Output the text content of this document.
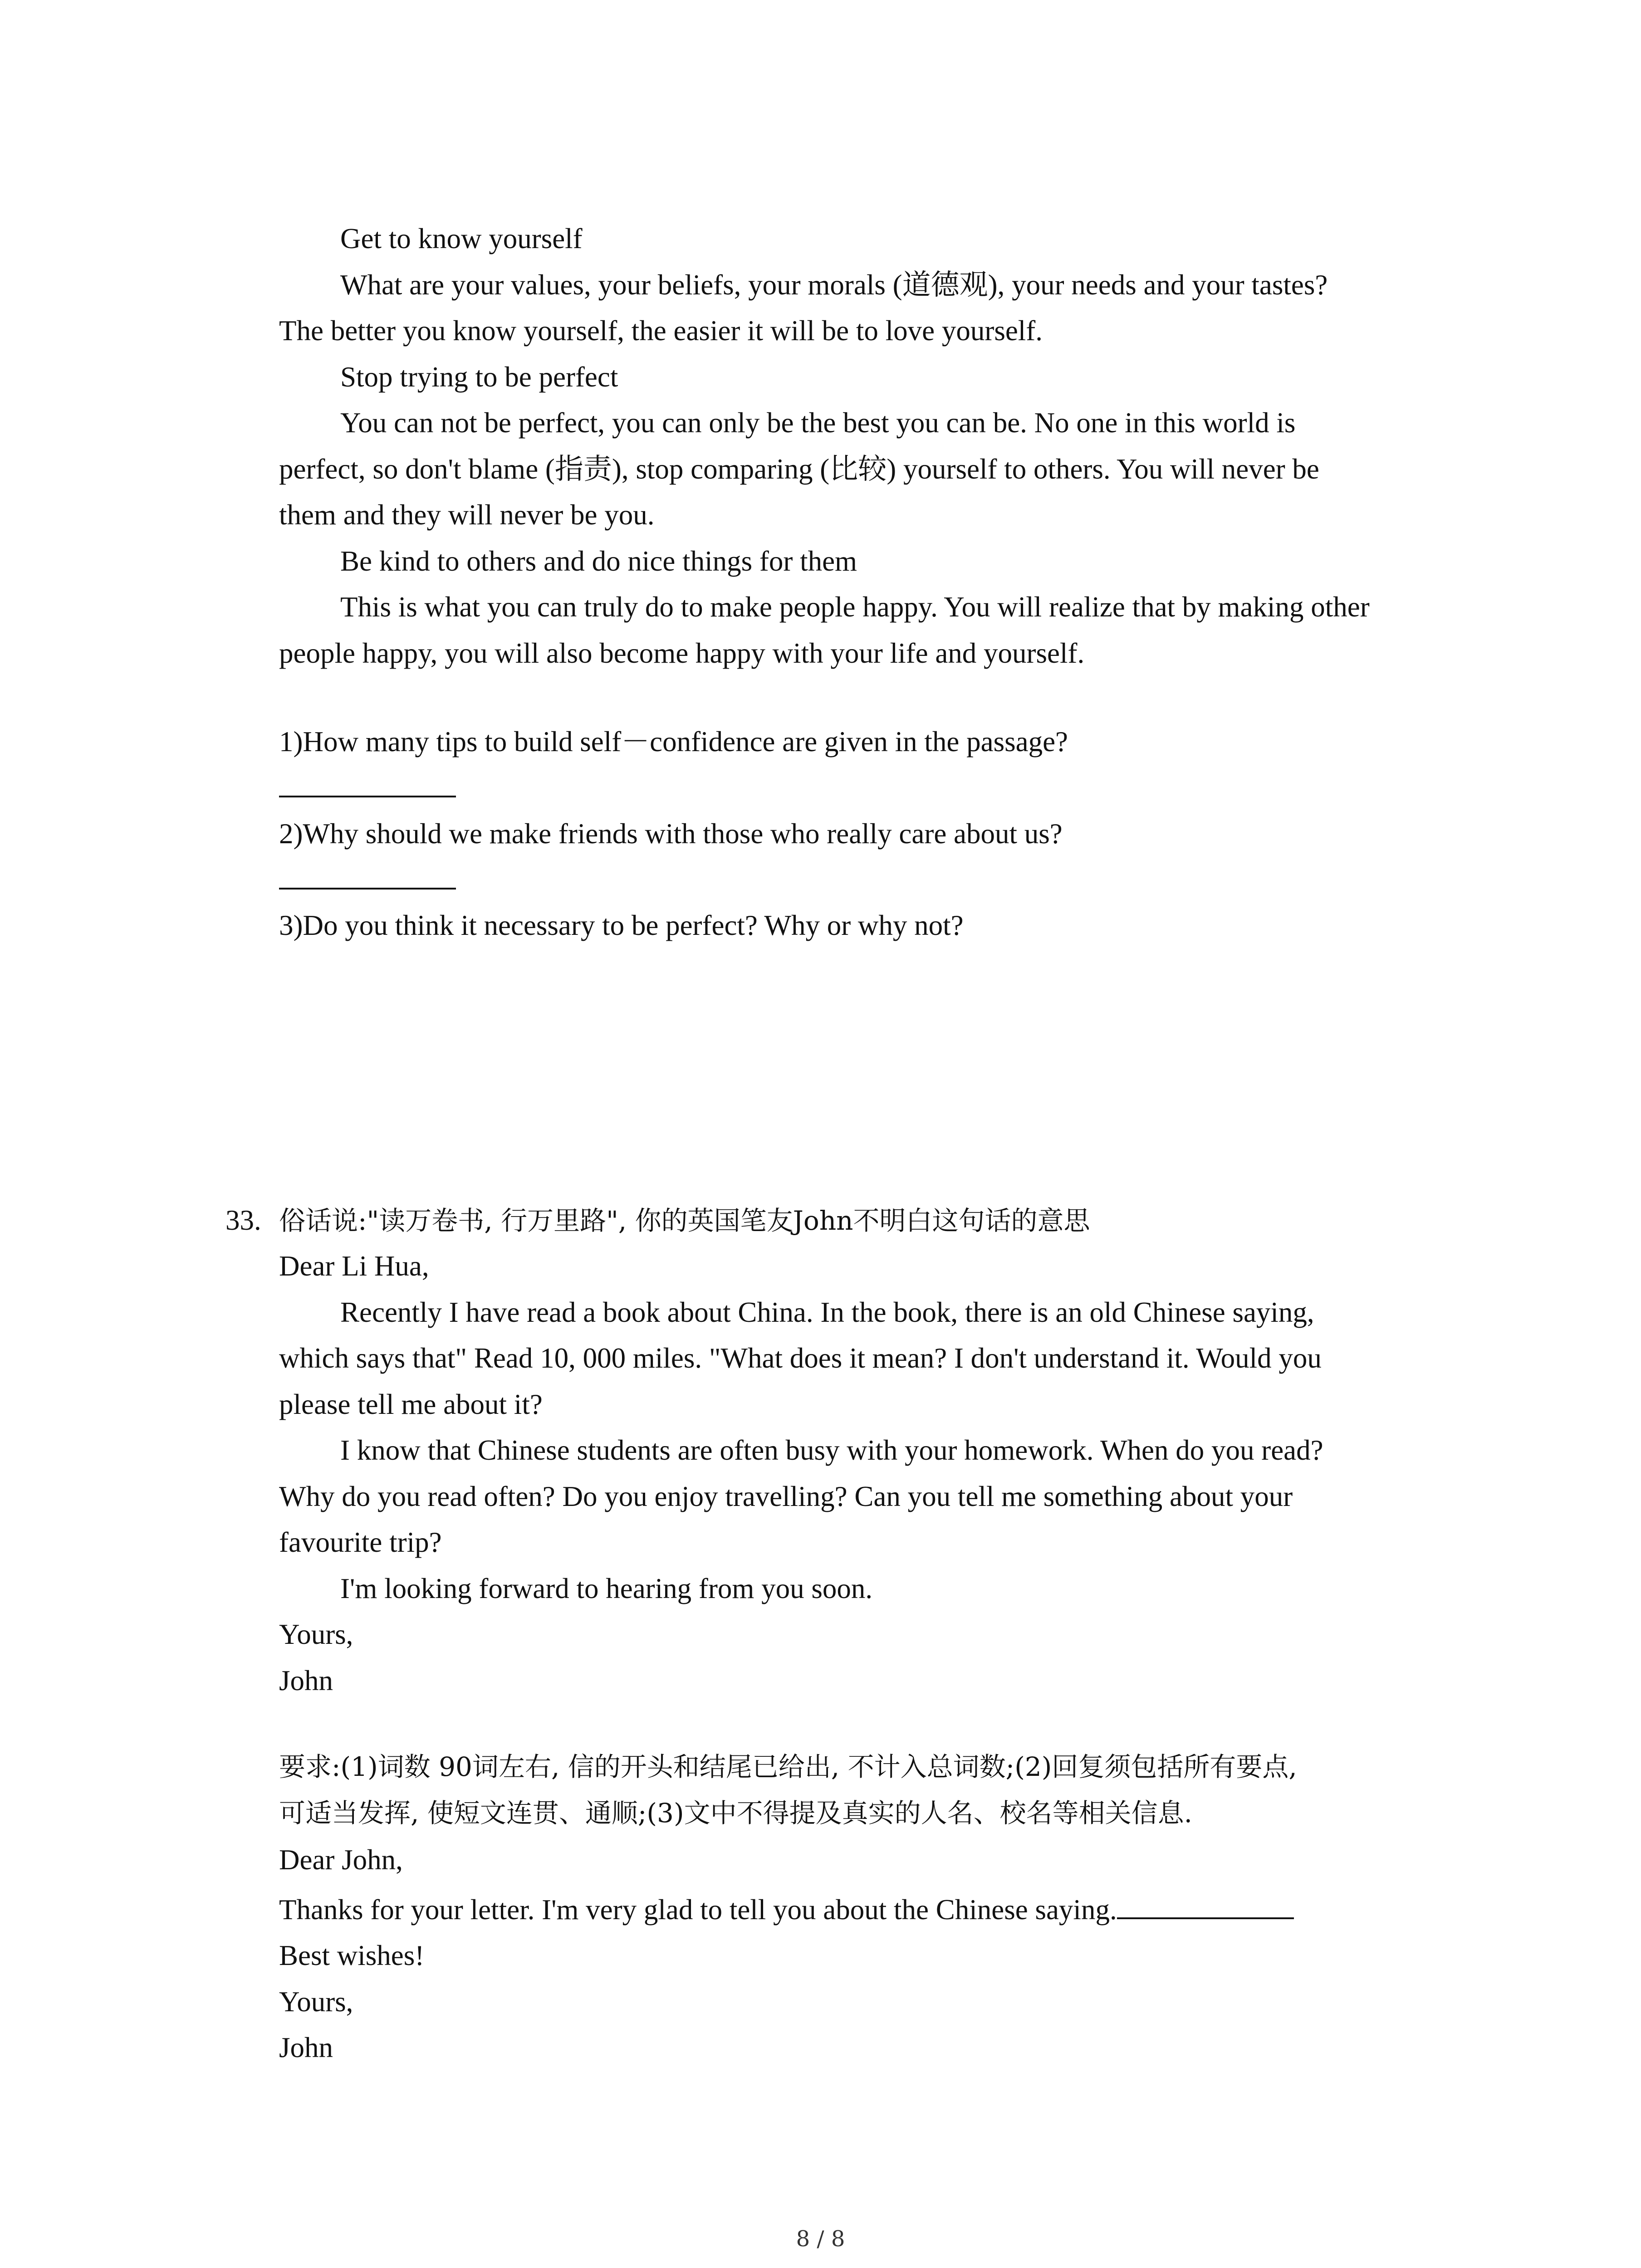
Get to know yourself
What are your values, your beliefs, your morals (道德观), your needs and your tastes?
The better you know yourself, the easier it will be to love yourself.
Stop trying to be perfect
You can not be perfect, you can only be the best you can be. No one in this world is
perfect, so don't blame (指责), stop comparing (比较) yourself to others. You will never be
them and they will never be you.
Be kind to others and do nice things for them
This is what you can truly do to make people happy. You will realize that by making other
people happy, you will also become happy with your life and yourself.
1)How many tips to build self－confidence are given in the passage?
2)Why should we make friends with those who really care about us?
3)Do you think it necessary to be perfect? Why or why not?
33. 俗话说:"读万卷书, 行万里路", 你的英国笔友John不明白这句话的意思
Dear Li Hua,
Recently I have read a book about China. In the book, there is an old Chinese saying,
which says that" Read 10, 000 miles. "What does it mean? I don't understand it. Would you
please tell me about it?
I know that Chinese students are often busy with your homework. When do you read?
Why do you read often? Do you enjoy travelling? Can you tell me something about your
favourite trip?
I'm looking forward to hearing from you soon.
Yours,
John
要求:(1)词数 90词左右, 信的开头和结尾已给出, 不计入总词数;(2)回复须包括所有要点,
可适当发挥, 使短文连贯、通顺;(3)文中不得提及真实的人名、校名等相关信息.
Dear John,
Thanks for your letter. I'm very glad to tell you about the Chinese saying.
Best wishes!
Yours,
John
8 / 8
